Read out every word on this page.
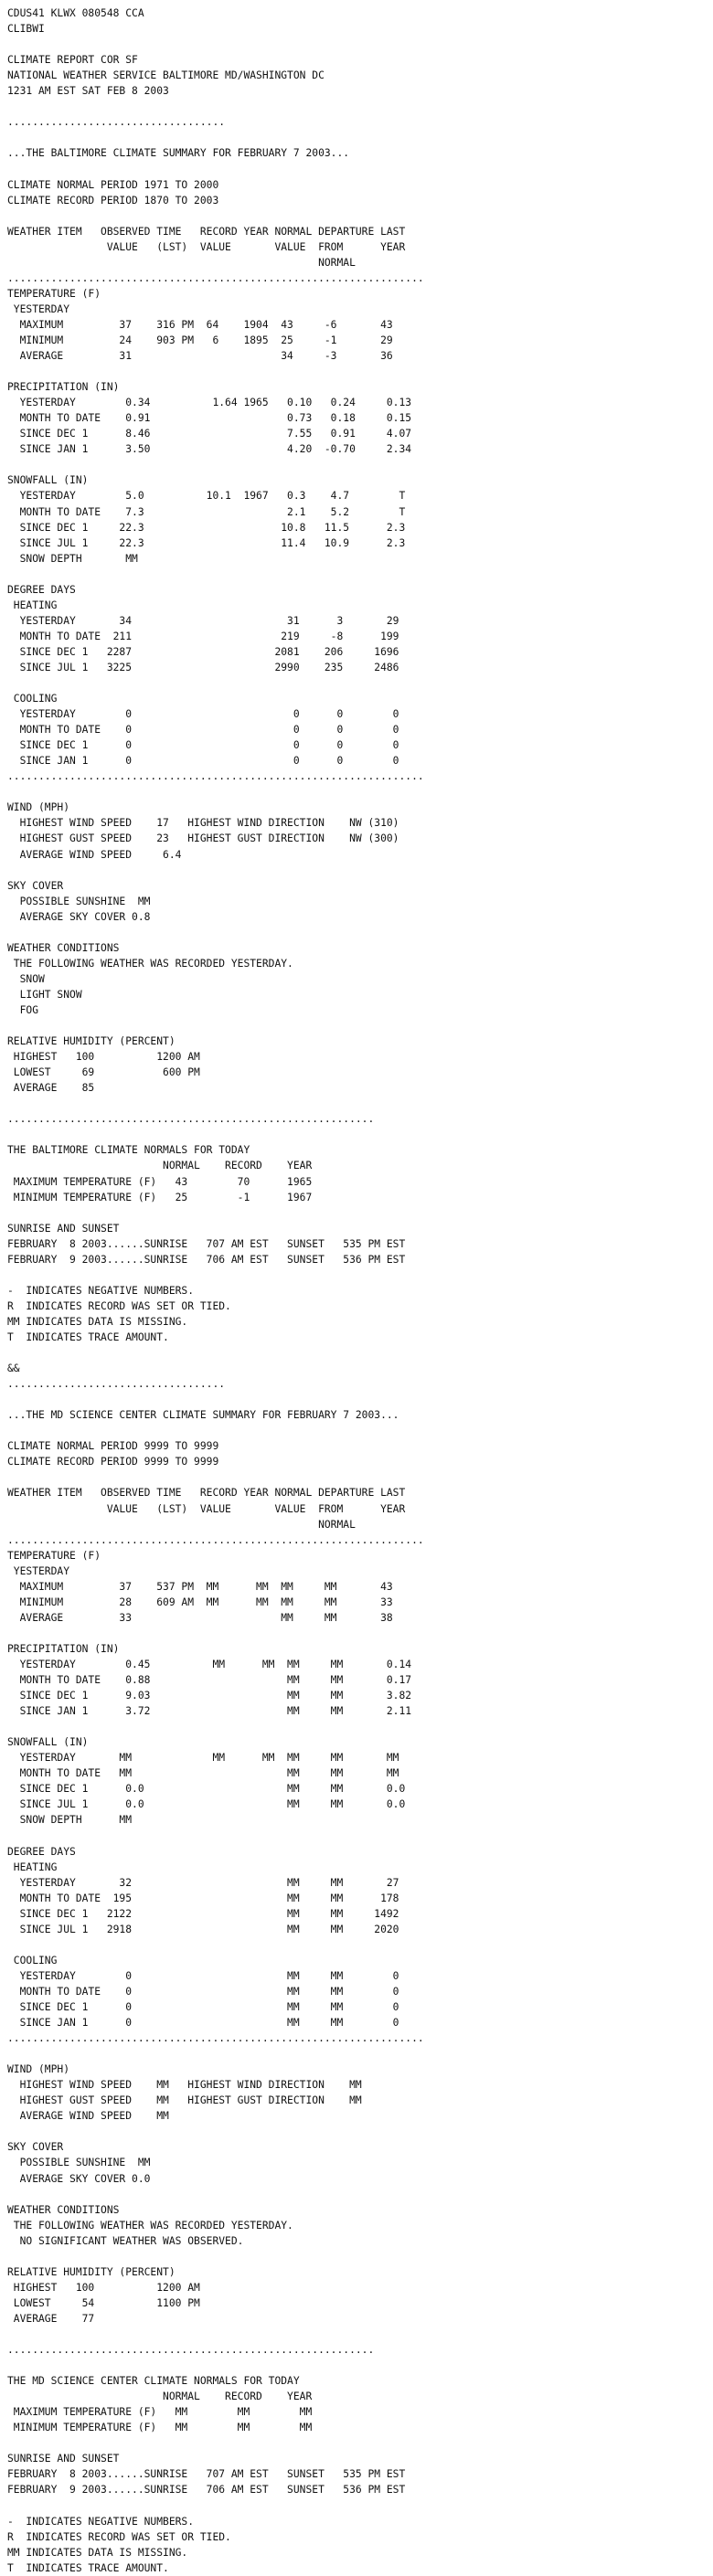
CDUS41 KLWX 080548 CCA
CLIBWI
CLIMATE REPORT COR SF
NATIONAL WEATHER SERVICE BALTIMORE MD/WASHINGTON DC
1231 AM EST SAT FEB 8 2003
...................................
...THE BALTIMORE CLIMATE SUMMARY FOR FEBRUARY 7 2003...
CLIMATE NORMAL PERIOD 1971 TO 2000
CLIMATE RECORD PERIOD 1870 TO 2003
WEATHER ITEM   OBSERVED TIME   RECORD YEAR NORMAL DEPARTURE LAST
VALUE   (LST)  VALUE       VALUE  FROM      YEAR
NORMAL
...................................................................
TEMPERATURE (F)
YESTERDAY
MAXIMUM         37    316 PM  64    1904  43     -6       43
MINIMUM         24    903 PM   6    1895  25     -1       29
AVERAGE         31                        34     -3       36
PRECIPITATION (IN)
YESTERDAY        0.34          1.64 1965   0.10   0.24     0.13
MONTH TO DATE    0.91                      0.73   0.18     0.15
SINCE DEC 1      8.46                      7.55   0.91     4.07
SINCE JAN 1      3.50                      4.20  -0.70     2.34
SNOWFALL (IN)
YESTERDAY        5.0          10.1  1967   0.3    4.7        T
MONTH TO DATE    7.3                       2.1    5.2        T
SINCE DEC 1     22.3                      10.8   11.5      2.3
SINCE JUL 1     22.3                      11.4   10.9      2.3
SNOW DEPTH       MM
DEGREE DAYS
HEATING
YESTERDAY       34                         31      3       29
MONTH TO DATE  211                        219     -8      199
SINCE DEC 1   2287                       2081    206     1696
SINCE JUL 1   3225                       2990    235     2486
COOLING
YESTERDAY        0                          0      0        0
MONTH TO DATE    0                          0      0        0
SINCE DEC 1      0                          0      0        0
SINCE JAN 1      0                          0      0        0
...................................................................
WIND (MPH)
HIGHEST WIND SPEED    17   HIGHEST WIND DIRECTION    NW (310)
HIGHEST GUST SPEED    23   HIGHEST GUST DIRECTION    NW (300)
AVERAGE WIND SPEED     6.4
SKY COVER
POSSIBLE SUNSHINE  MM
AVERAGE SKY COVER 0.8
WEATHER CONDITIONS
THE FOLLOWING WEATHER WAS RECORDED YESTERDAY.
SNOW
LIGHT SNOW
FOG
RELATIVE HUMIDITY (PERCENT)
HIGHEST   100          1200 AM
LOWEST     69           600 PM
AVERAGE    85
...........................................................
THE BALTIMORE CLIMATE NORMALS FOR TODAY
NORMAL    RECORD    YEAR
MAXIMUM TEMPERATURE (F)   43        70      1965
MINIMUM TEMPERATURE (F)   25        -1      1967
SUNRISE AND SUNSET
FEBRUARY  8 2003......SUNRISE   707 AM EST   SUNSET   535 PM EST
FEBRUARY  9 2003......SUNRISE   706 AM EST   SUNSET   536 PM EST
-  INDICATES NEGATIVE NUMBERS.
R  INDICATES RECORD WAS SET OR TIED.
MM INDICATES DATA IS MISSING.
T  INDICATES TRACE AMOUNT.
&&
...................................
...THE MD SCIENCE CENTER CLIMATE SUMMARY FOR FEBRUARY 7 2003...
CLIMATE NORMAL PERIOD 9999 TO 9999
CLIMATE RECORD PERIOD 9999 TO 9999
WEATHER ITEM   OBSERVED TIME   RECORD YEAR NORMAL DEPARTURE LAST
VALUE   (LST)  VALUE       VALUE  FROM      YEAR
NORMAL
...................................................................
TEMPERATURE (F)
YESTERDAY
MAXIMUM         37    537 PM  MM      MM  MM     MM       43
MINIMUM         28    609 AM  MM      MM  MM     MM       33
AVERAGE         33                        MM     MM       38
PRECIPITATION (IN)
YESTERDAY        0.45          MM      MM  MM     MM       0.14
MONTH TO DATE    0.88                      MM     MM       0.17
SINCE DEC 1      9.03                      MM     MM       3.82
SINCE JAN 1      3.72                      MM     MM       2.11
SNOWFALL (IN)
YESTERDAY       MM             MM      MM  MM     MM       MM
MONTH TO DATE   MM                         MM     MM       MM
SINCE DEC 1      0.0                       MM     MM       0.0
SINCE JUL 1      0.0                       MM     MM       0.0
SNOW DEPTH      MM
DEGREE DAYS
HEATING
YESTERDAY       32                         MM     MM       27
MONTH TO DATE  195                         MM     MM      178
SINCE DEC 1   2122                         MM     MM     1492
SINCE JUL 1   2918                         MM     MM     2020
COOLING
YESTERDAY        0                         MM     MM        0
MONTH TO DATE    0                         MM     MM        0
SINCE DEC 1      0                         MM     MM        0
SINCE JAN 1      0                         MM     MM        0
...................................................................
WIND (MPH)
HIGHEST WIND SPEED    MM   HIGHEST WIND DIRECTION    MM
HIGHEST GUST SPEED    MM   HIGHEST GUST DIRECTION    MM
AVERAGE WIND SPEED    MM
SKY COVER
POSSIBLE SUNSHINE  MM
AVERAGE SKY COVER 0.0
WEATHER CONDITIONS
THE FOLLOWING WEATHER WAS RECORDED YESTERDAY.
NO SIGNIFICANT WEATHER WAS OBSERVED.
RELATIVE HUMIDITY (PERCENT)
HIGHEST   100          1200 AM
LOWEST     54          1100 PM
AVERAGE    77
...........................................................
THE MD SCIENCE CENTER CLIMATE NORMALS FOR TODAY
NORMAL    RECORD    YEAR
MAXIMUM TEMPERATURE (F)   MM        MM        MM
MINIMUM TEMPERATURE (F)   MM        MM        MM
SUNRISE AND SUNSET
FEBRUARY  8 2003......SUNRISE   707 AM EST   SUNSET   535 PM EST
FEBRUARY  9 2003......SUNRISE   706 AM EST   SUNSET   536 PM EST
-  INDICATES NEGATIVE NUMBERS.
R  INDICATES RECORD WAS SET OR TIED.
MM INDICATES DATA IS MISSING.
T  INDICATES TRACE AMOUNT.
